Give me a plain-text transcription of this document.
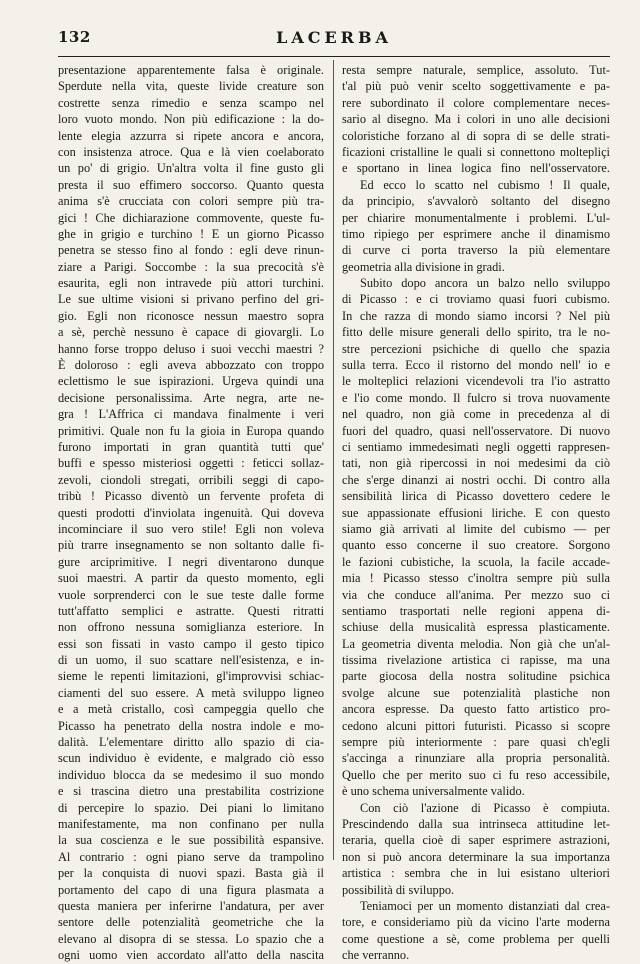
132	LACERBA
presentazione apparentemente falsa è originale.
Sperdute nella vita, queste livide creature son
costrette senza rimedio e senza scampo nel
loro vuoto mondo. Non più edificazione : la do-
lente elegia azzurra si ripete ancora e ancora,
con insistenza atroce. Qua e là vien coelaborato
un po' di grigio. Un'altra volta il fine gusto gli
presta il suo effimero soccorso. Quanto questa
anima s'è crucciata con colori sempre più tra-
gici ! Che dichiarazione commovente, queste fu-
ghe in grigio e turchino ! E un giorno Picasso
penetra se stesso fino al fondo : egli deve rinun-
ziare a Parigi. Soccombe : la sua precocità s'è
esaurita, egli non intravede più attori turchini.
Le sue ultime visioni si privano perfino del gri-
gio. Egli non riconosce nessun maestro sopra
a sè, perchè nessuno è capace di giovargli. Lo
hanno forse troppo deluso i suoi vecchi maestri ?
È doloroso : egli aveva abbozzato con troppo
eclettismo le sue ispirazioni. Urgeva quindi una
decisione personalissima. Arte negra, arte ne-
gra ! L'Affrica ci mandava finalmente i veri
primitivi. Quale non fu la gioia in Europa quando
furono importati in gran quantità tutti que'
buffi e spesso misteriosi oggetti : feticci sollaz-
zevoli, ciondoli stregati, orribili seggi di capo-
tribù ! Picasso diventò un fervente profeta di
questi prodotti d'inviolata ingenuità. Qui doveva
incominciare il suo vero stile! Egli non voleva
più trarre insegnamento se non soltanto dalle fi-
gure arciprimitive. I negri diventarono dunque
suoi maestri. A partir da questo momento, egli
vuole sorprenderci con le sue teste dalle forme
tutt'affatto semplici e astratte. Questi ritratti
non offrono nessuna somiglianza esteriore. In
essi son fissati in vasto campo il gesto tipico
di un uomo, il suo scattare nell'esistenza, e in-
sieme le repenti limitazioni, gl'improvvisi schiac-
ciamenti del suo essere. A metà sviluppo ligneo
e a metà cristallo, così campeggia quello che
Picasso ha penetrato della nostra indole e mo-
dalità. L'elementare diritto allo spazio di cia-
scun individuo è evidente, e malgrado ciò esso
individuo blocca da se medesimo il suo mondo
e si trascina dietro una prestabilita costrizione
di percepire lo spazio. Dei piani lo limitano
manifestamente, ma non confinano per nulla
la sua coscienza e le sue possibilità espansive.
Al contrario : ogni piano serve da trampolino
per la conquista di nuovi spazi. Basta già il
portamento del capo di una figura plasmata a
questa maniera per inferirne l'andatura, per aver
sentore delle potenzialità geometriche che la
elevano al disopra di se stessa. Lo spazio che a
ogni uomo vien accordato all'atto della nascita
resta sempre naturale, semplice, assoluto. Tut-
t'al più può venir scelto soggettivamente e pa-
rere subordinato il colore complementare neces-
sario al disegno. Ma i colori in uno alle decisioni
coloristiche forzano al di sopra di se delle strati-
ficazioni cristalline le quali si connettono moltepliçi
e sportano in linea logica fino nell'osservatore.
Ed ecco lo scatto nel cubismo ! Il quale,
da principio, s'avvalorò soltanto del disegno
per chiarire monumentalmente i problemi. L'ul-
timo ripiego per esprimere anche il dinamismo
di curve ci porta traverso la più elementare
geometria alla divisione in gradi.
Subito dopo ancora un balzo nello sviluppo
di Picasso : e ci troviamo quasi fuori cubismo.
In che razza di mondo siamo incorsi ? Nel più
fitto delle misure generali dello spirito, tra le no-
stre percezioni psichiche di quello che spazia
sulla terra. Ecco il ristorno del mondo nell' io e
le molteplici relazioni vicendevoli tra l'io astratto
e l'io come mondo. Il fulcro si trova nuovamente
nel quadro, non già come in precedenza al di
fuori del quadro, quasi nell'osservatore. Di nuovo
ci sentiamo immedesimati negli oggetti rappresen-
tati, non già ripercossi in noi medesimi da ciò
che s'erge dinanzi ai nostri occhi. Di contro alla
sensibilità lirica di Picasso dovettero cedere le
sue appassionate effusioni liriche. E con questo
siamo già arrivati al limite del cubismo — per
quanto esso concerne il suo creatore. Sorgono
le fazioni cubistiche, la scuola, la facile accade-
mia ! Picasso stesso c'inoltra sempre più sulla
via che conduce all'anima. Per mezzo suo ci
sentiamo trasportati nelle regioni appena di-
schiuse della musicalità espressa plasticamente.
La geometria diventa melodia. Non già che un'al-
tissima rivelazione artistica ci rapisse, ma una
parte giocosa della nostra solitudine psichica
svolge alcune sue potenzialità plastiche non
ancora espresse. Da questo fatto artistico pro-
cedono alcuni pittori futuristi. Picasso si scopre
sempre più interiormente : pare quasi ch'egli
s'accinga a rinunziare alla propria personalità.
Quello che per merito suo ci fu reso accessibile,
è uno schema universalmente valido.
Con ciò l'azione di Picasso è compiuta.
Prescindendo dalla sua intrinseca attitudine let-
teraria, quella cioè di saper esprimere astrazioni,
non si può ancora determinare la sua importanza
artistica : sembra che in lui esistano ulteriori
possibilità di sviluppo.
Teniamoci per un momento distanziati dal crea-
tore, e consideriamo più da vicino l'arte moderna
come questione a sè, come problema per quelli
che verranno.
